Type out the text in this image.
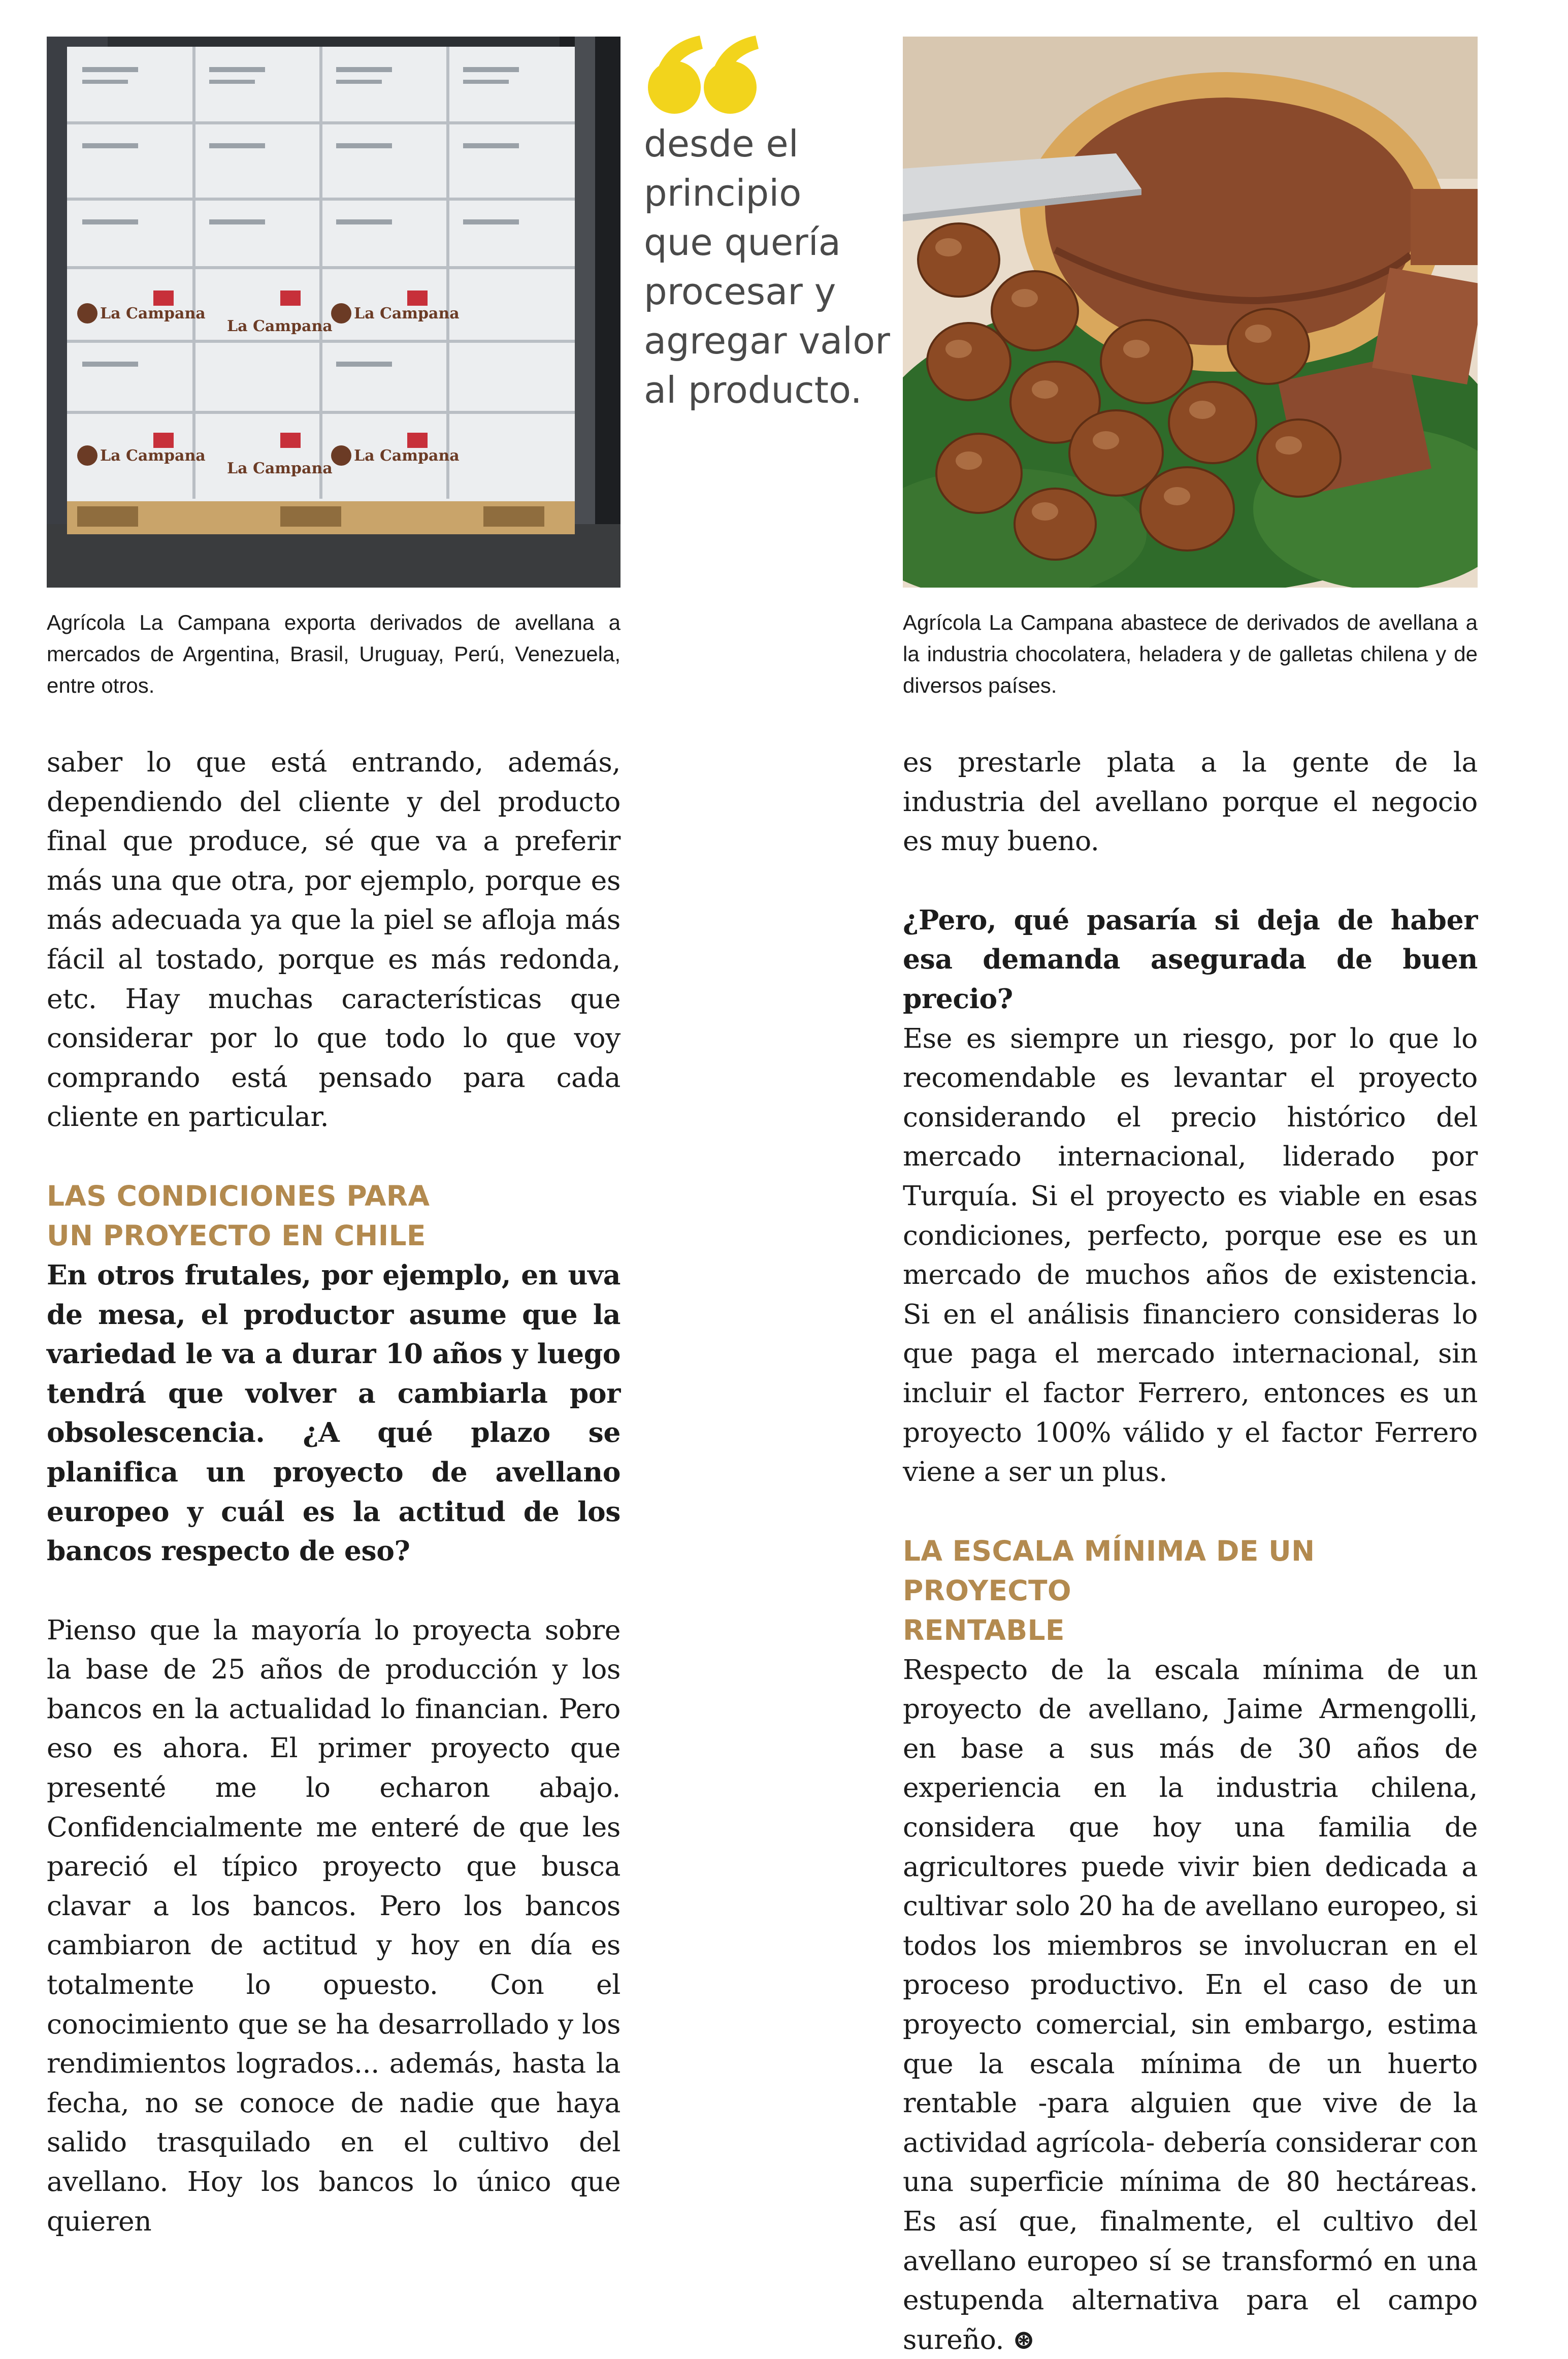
La Campana
La Campana
La Campana
La Campana
La Campana
La Campana
desde el
principio
que quería
procesar y
agregar valor
al producto.
Agrícola La Campana exporta derivados de avellana a mercados de Argentina, Brasil, Uruguay, Perú, Venezuela, entre otros.
Agrícola La Campana abastece de derivados de avellana a la industria chocolatera, heladera y de galletas chilena y de diversos países.

saber lo que está entrando, además, dependiendo del cliente y del producto final que produce, sé que va a preferir más una que otra, por ejemplo, porque es más adecuada ya que la piel se afloja más fácil al tostado, porque es más redonda, etc. Hay muchas características que considerar por lo que todo lo que voy comprando está pensado para cada cliente en particular.

LAS CONDICIONES PARA
UN PROYECTO EN CHILE

En otros frutales, por ejemplo, en uva de mesa, el productor asume que la variedad le va a durar 10 años y luego tendrá que volver a cambiarla por obsolescencia. ¿A qué plazo se planifica un proyecto de avellano europeo y cuál es la actitud de los bancos respecto de eso?

Pienso que la mayoría lo proyecta sobre la base de 25 años de producción y los bancos en la actualidad lo financian. Pero eso es ahora. El primer proyecto que presenté me lo echaron abajo. Confidencialmente me enteré de que les pareció el típico proyecto que busca clavar a los bancos. Pero los bancos cambiaron de actitud y hoy en día es totalmente lo opuesto. Con el conocimiento que se ha desarrollado y los rendimientos logrados... además, hasta la fecha, no se conoce de nadie que haya salido trasquilado en el cultivo del avellano. Hoy los bancos lo único que quieren

es prestarle plata a la gente de la industria del avellano porque el negocio es muy bueno.

¿Pero, qué pasaría si deja de haber esa demanda asegurada de buen precio?

Ese es siempre un riesgo, por lo que lo recomendable es levantar el proyecto considerando el precio histórico del mercado internacional, liderado por Turquía. Si el proyecto es viable en esas condiciones, perfecto, porque ese es un mercado de muchos años de existencia. Si en el análisis financiero consideras lo que paga el mercado internacional, sin incluir el factor Ferrero, entonces es un proyecto 100% válido y el factor Ferrero viene a ser un plus.

LA ESCALA MÍNIMA DE UN PROYECTO
RENTABLE

Respecto de la escala mínima de un proyecto de avellano, Jaime Armengolli, en base a sus más de 30 años de experiencia en la industria chilena, considera que hoy una familia de agricultores puede vivir bien dedicada a cultivar solo 20 ha de avellano europeo, si todos los miembros se involucran en el proceso productivo. En el caso de un proyecto comercial, sin embargo, estima que la escala mínima de un huerto rentable -para alguien que vive de la actividad agrícola- debería considerar con una superficie mínima de 80 hectáreas. Es así que, finalmente, el cultivo del avellano europeo sí se transformó en una estupenda alternativa para el campo sureño. ⊛
